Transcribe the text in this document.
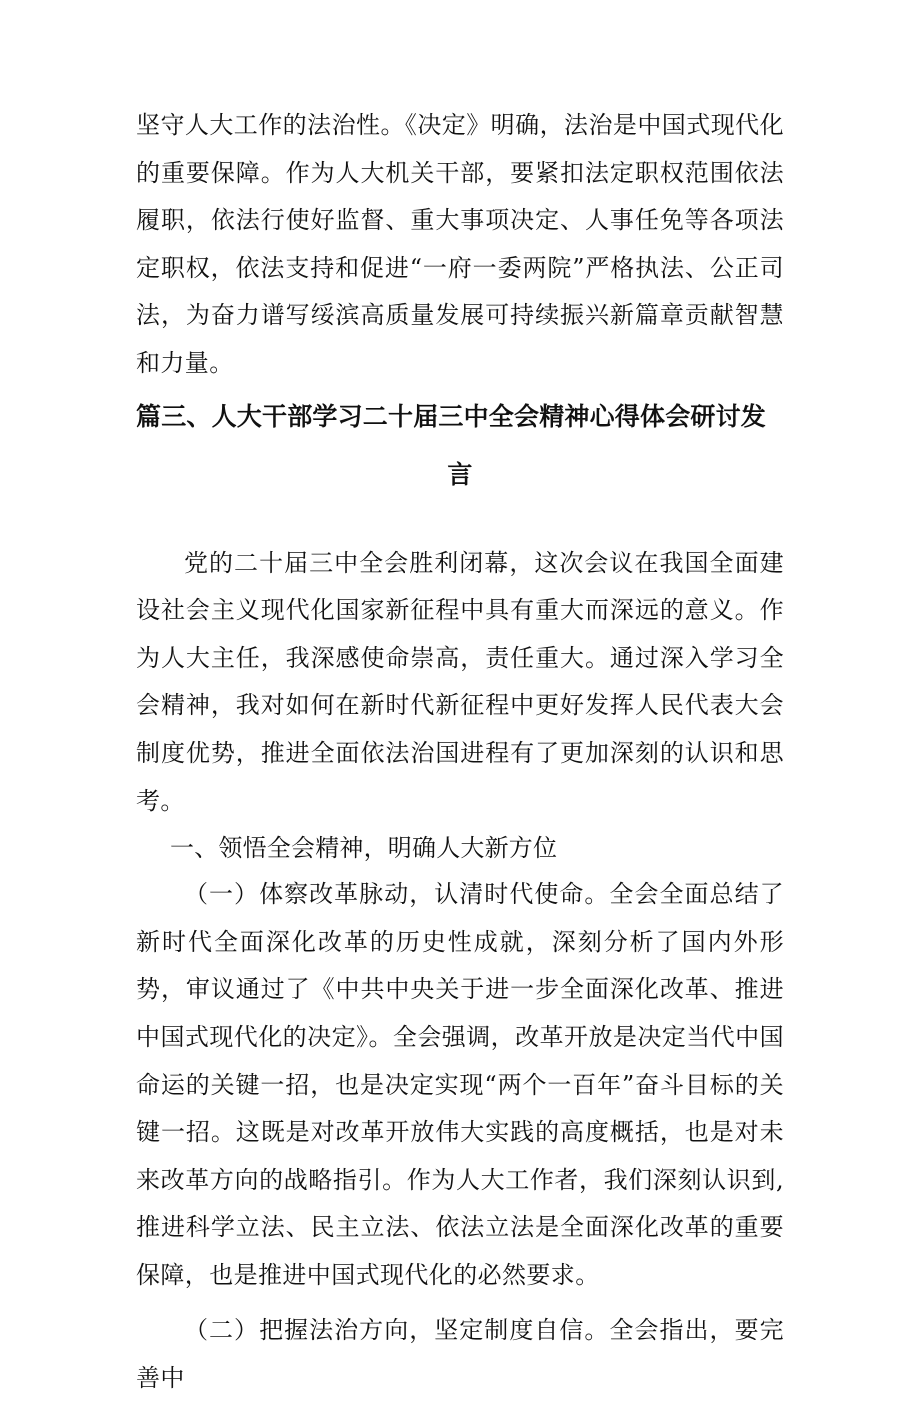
坚守人大工作的法治性。《决定》明确，法治是中国式现代化的重要保障。作为人大机关干部，要紧扣法定职权范围依法履职，依法行使好监督、重大事项决定、人事任免等各项法定职权，依法支持和促进“一府一委两院”严格执法、公正司法，为奋力谱写绥滨高质量发展可持续振兴新篇章贡献智慧和力量。

篇三、人大干部学习二十届三中全会精神心得体会研讨发
言

党的二十届三中全会胜利闭幕，这次会议在我国全面建设社会主义现代化国家新征程中具有重大而深远的意义。作为人大主任，我深感使命崇高，责任重大。通过深入学习全会精神，我对如何在新时代新征程中更好发挥人民代表大会制度优势，推进全面依法治国进程有了更加深刻的认识和思考。

一、领悟全会精神，明确人大新方位

（一）体察改革脉动，认清时代使命。全会全面总结了新时代全面深化改革的历史性成就，深刻分析了国内外形势，审议通过了《中共中央关于进一步全面深化改革、推进中国式现代化的决定》。全会强调，改革开放是决定当代中国命运的关键一招，也是决定实现“两个一百年”奋斗目标的关键一招。这既是对改革开放伟大实践的高度概括，也是对未来改革方向的战略指引。作为人大工作者，我们深刻认识到,推进科学立法、民主立法、依法立法是全面深化改革的重要保障，也是推进中国式现代化的必然要求。

（二）把握法治方向，坚定制度自信。全会指出，要完善中
